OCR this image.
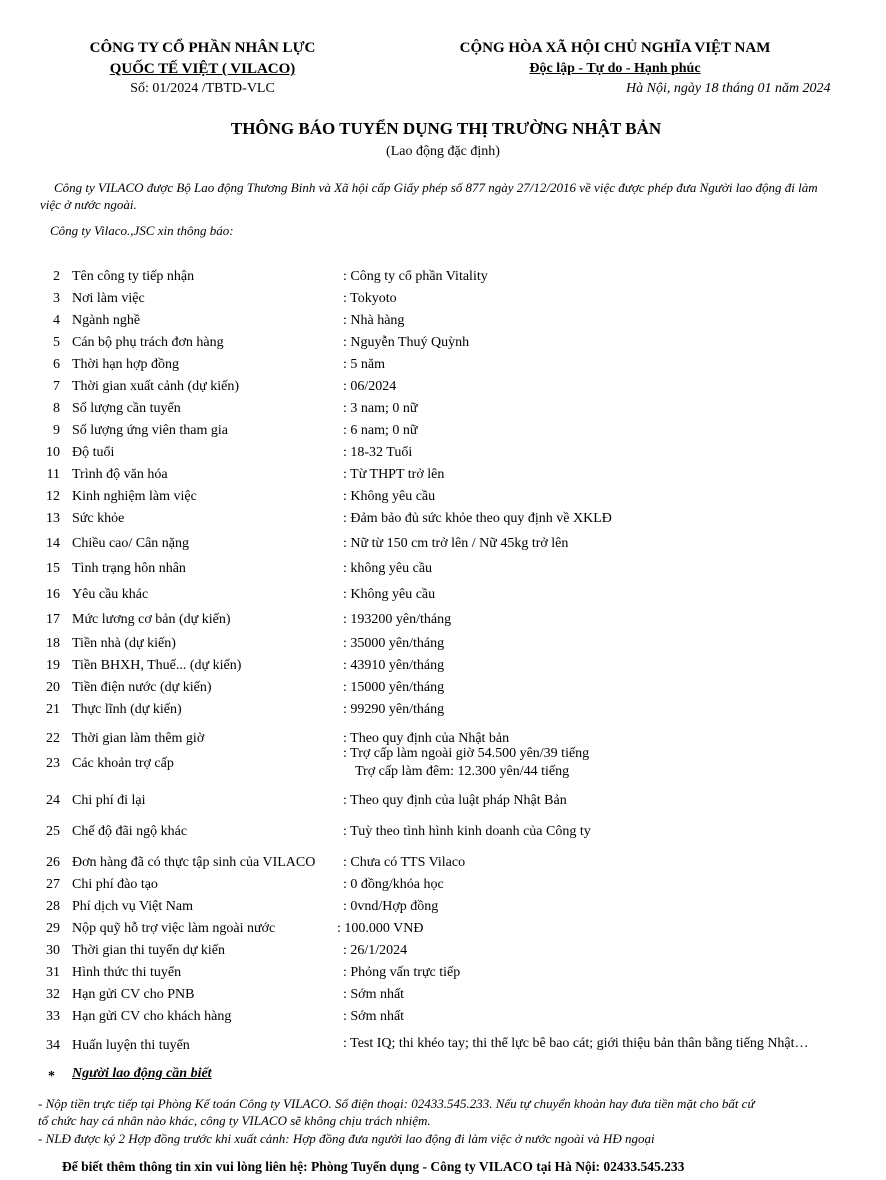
CÔNG TY CỔ PHẦN NHÂN LỰC
QUỐC TẾ VIỆT ( VILACO)
Số: 01/2024 /TBTD-VLC
CỘNG HÒA XÃ HỘI CHỦ NGHĨA VIỆT NAM
Độc lập - Tự do - Hạnh phúc
Hà Nội, ngày 18 tháng 01 năm 2024
THÔNG BÁO TUYỂN DỤNG THỊ TRƯỜNG NHẬT BẢN
(Lao động đặc định)
Công ty VILACO được Bộ Lao động Thương Binh và Xã hội cấp Giấy phép số 877 ngày 27/12/2016 về việc được phép đưa Người lao động đi làm
việc ở nước ngoài.
Công ty Vilaco.,JSC xin thông báo:
2 Tên công ty tiếp nhận	: Công ty cổ phần Vitality
3 Nơi làm việc	: Tokyoto
4 Ngành nghề	: Nhà hàng
5 Cán bộ phụ trách đơn hàng	: Nguyễn Thuý Quỳnh
6 Thời hạn hợp đồng	: 5 năm
7 Thời gian xuất cảnh (dự kiến)	: 06/2024
8 Số lượng cần tuyển	: 3 nam; 0 nữ
9 Số lượng ứng viên tham gia	: 6 nam; 0 nữ
10 Độ tuổi	: 18-32 Tuổi
11 Trình độ văn hóa	: Từ THPT trở lên
12 Kinh nghiệm làm việc	: Không yêu cầu
13 Sức khỏe	: Đảm bảo đủ sức khỏe theo quy định về XKLĐ
14 Chiều cao/ Cân nặng	: Nữ từ 150 cm trở lên / Nữ 45kg trở lên
15 Tình trạng hôn nhân	: không yêu cầu
16 Yêu cầu khác	: Không yêu cầu
17 Mức lương cơ bản (dự kiến)	: 193200 yên/tháng
18 Tiền nhà (dự kiến)	: 35000 yên/tháng
19 Tiền BHXH, Thuế... (dự kiến)	: 43910 yên/tháng
20 Tiền điện nước (dự kiến)	: 15000 yên/tháng
21 Thực lĩnh (dự kiến)	: 99290 yên/tháng
22 Thời gian làm thêm giờ	: Theo quy định của Nhật bản
23 Các khoản trợ cấp
: Trợ cấp làm ngoài giờ 54.500 yên/39 tiếng
Trợ cấp làm đêm: 12.300 yên/44 tiếng
24 Chi phí đi lại	: Theo quy định của luật pháp Nhật Bản
25 Chế độ đãi ngộ khác	: Tuỳ theo tình hình kinh doanh của Công ty
26 Đơn hàng đã có thực tập sinh của VILACO : Chưa có TTS Vilaco
27 Chi phí đào tạo	: 0 đồng/khóa học
28 Phí dịch vụ Việt Nam	: 0vnd/Hợp đồng
29 Nộp quỹ hỗ trợ việc làm ngoài nước	: 100.000 VNĐ
30 Thời gian thi tuyển dự kiến	: 26/1/2024
31 Hình thức thi tuyển	: Phỏng vấn trực tiếp
32 Hạn gửi CV cho PNB	: Sớm nhất
33 Hạn gửi CV cho khách hàng	: Sớm nhất
34 Huấn luyện thi tuyển	: Test IQ; thi khéo tay; thi thể lực bê bao cát; giới thiệu bản thân bằng tiếng Nhật…
* Người lao động cần biết
- Nộp tiền trực tiếp tại Phòng Kế toán Công ty VILACO. Số điện thoại: 02433.545.233. Nếu tự chuyển khoản hay đưa tiền mặt cho bất cứ
tổ chức hay cá nhân nào khác, công ty VILACO sẽ không chịu trách nhiệm.
- NLĐ được ký 2 Hợp đồng trước khi xuất cảnh: Hợp đồng đưa người lao động đi làm việc ở nước ngoài và HĐ ngoại
Để biết thêm thông tin xin vui lòng liên hệ: Phòng Tuyển dụng - Công ty VILACO tại Hà Nội: 02433.545.233
